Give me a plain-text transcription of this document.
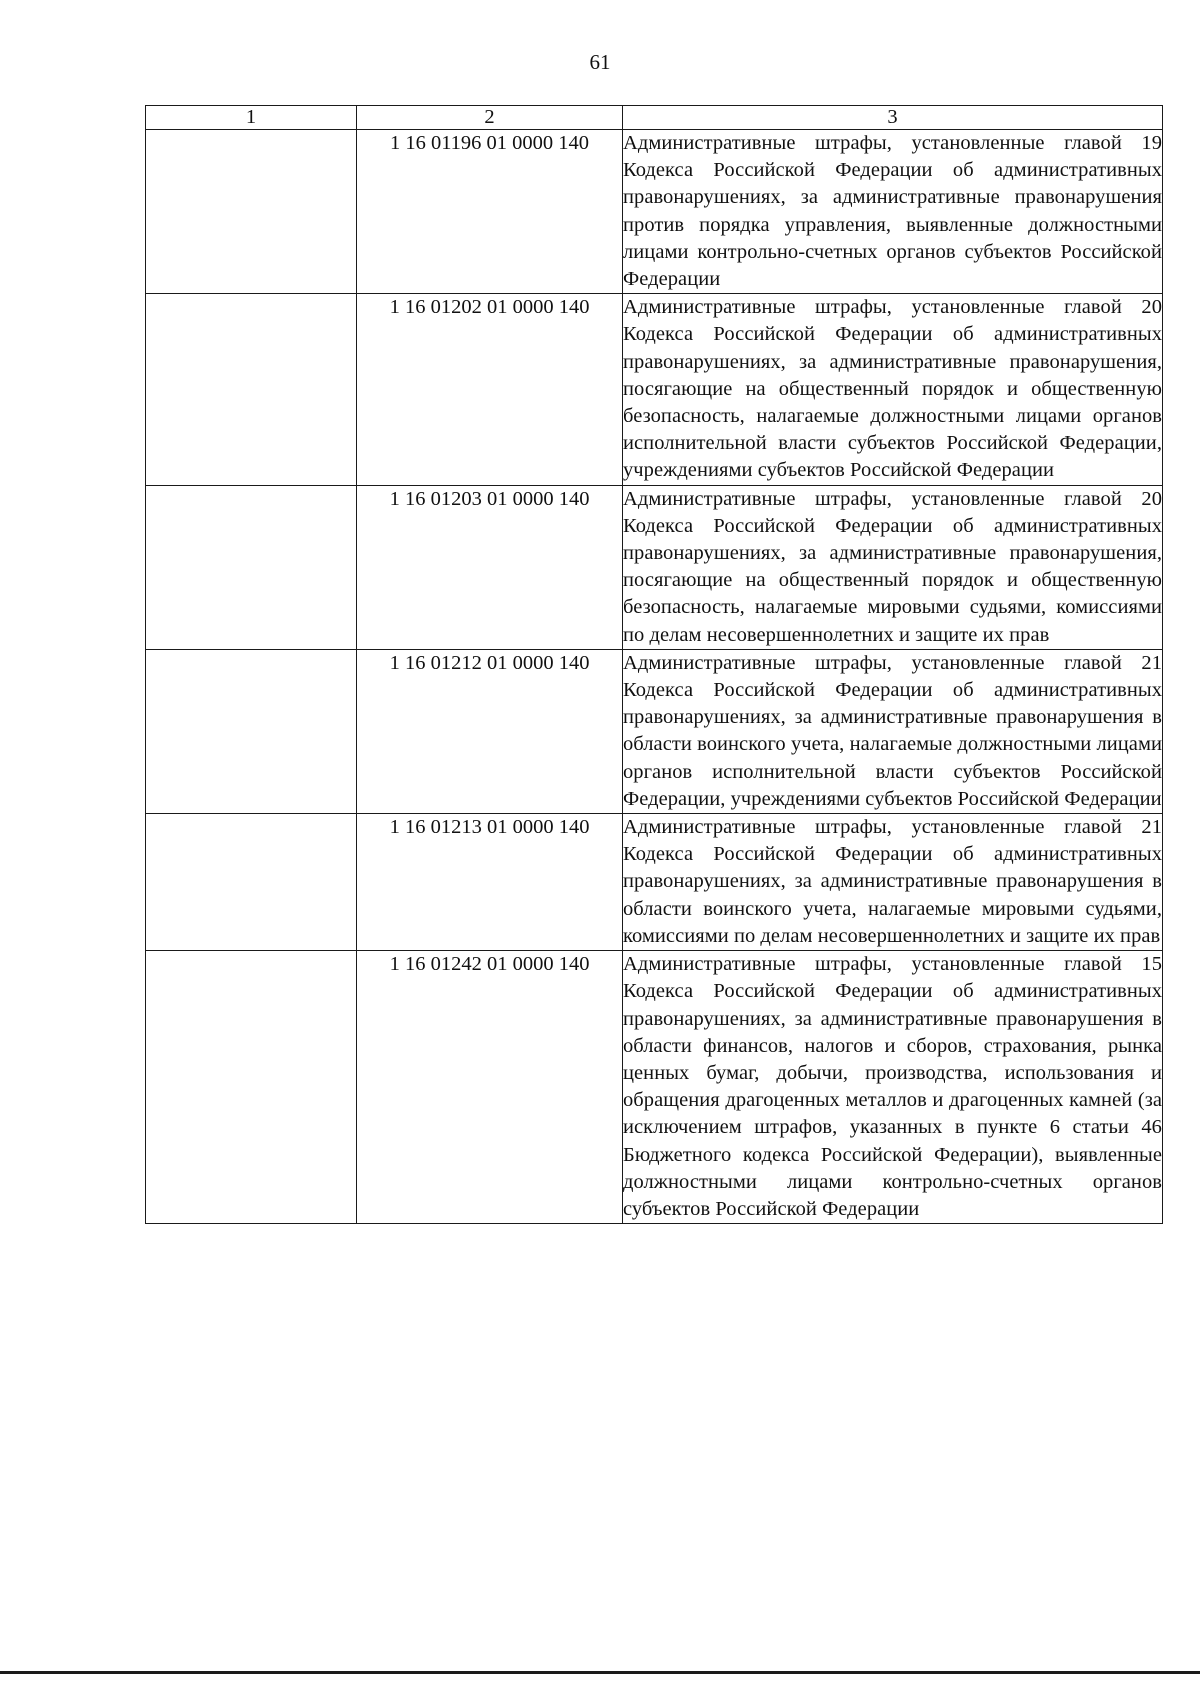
61
1	2	3
	1 16 01196 01 0000 140	Административные штрафы, установленные главой 19 Кодекса Российской Федерации об административных правонарушениях, за административные правонарушения против порядка управления, выявленные должностными лицами контрольно-счетных органов субъектов Российской Федерации

	1 16 01202 01 0000 140	Административные штрафы, установленные главой 20 Кодекса Российской Федерации об административных правонарушениях, за административные правонарушения, посягающие на общественный порядок и общественную безопасность, налагаемые должностными лицами органов исполнительной власти субъектов Российской Федерации, учреждениями субъектов Российской Федерации

	1 16 01203 01 0000 140	Административные штрафы, установленные главой 20 Кодекса Российской Федерации об административных правонарушениях, за административные правонарушения, посягающие на общественный порядок и общественную безопасность, налагаемые мировыми судьями, комиссиями по делам несовершеннолетних и защите их прав

	1 16 01212 01 0000 140	Административные штрафы, установленные главой 21 Кодекса Российской Федерации об административных правонарушениях, за административные правонарушения в области воинского учета, налагаемые должностными лицами органов исполнительной власти субъектов Российской Федерации, учреждениями субъектов Российской Федерации

	1 16 01213 01 0000 140	Административные штрафы, установленные главой 21 Кодекса Российской Федерации об административных правонарушениях, за административные правонарушения в области воинского учета, налагаемые мировыми судьями, комиссиями по делам несовершеннолетних и защите их прав

	1 16 01242 01 0000 140	Административные штрафы, установленные главой 15 Кодекса Российской Федерации об административных правонарушениях, за административные правонарушения в области финансов, налогов и сборов, страхования, рынка ценных бумаг, добычи, производства, использования и обращения драгоценных металлов и драгоценных камней (за исключением штрафов, указанных в пункте 6 статьи 46 Бюджетного кодекса Российской Федерации), выявленные должностными лицами контрольно-счетных органов субъектов Российской Федерации
